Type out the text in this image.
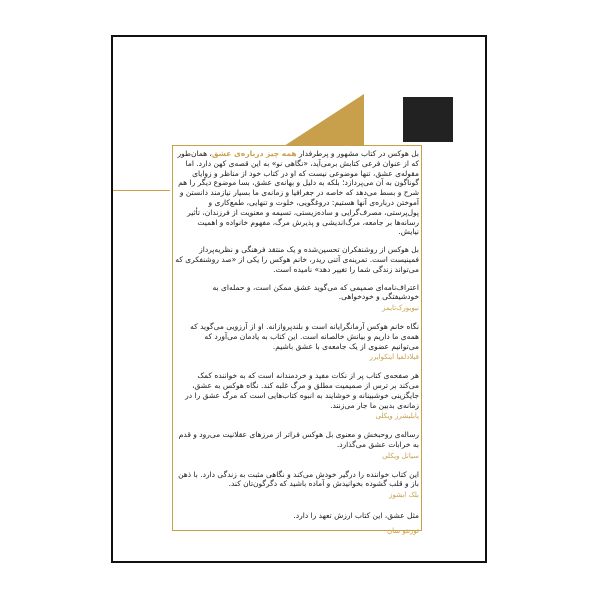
بل هوکس در کتاب مشهور و پرطرفدار همه چیز درباره‌ی عشق، همان‌طور که از عنوان فرعی کتابش برمی‌آید، «نگاهی نو» به این قصه‌ی کهن دارد. اما مقوله‌ی عشق، تنها موضوعی نیست که او در کتاب خود از مناظر و زوایای گوناگون به آن می‌پردازد؛ بلکه به دلیل و بهانه‌ی عشق، بسا موضوع دیگر را هم شرح و بسط می‌دهد که خاصه در جغرافیا و زمانه‌ی ما بسیار نیازمند دانستن و آموختن درباره‌ی آنها هستیم: دروغگویی، خلوت و تنهایی، طمع‌کاری و پول‌پرستی، مصرف‌گرایی و ساده‌زیستی، تسیمه و معنویت از فرزندان، تأثیر رسانه‌ها بر جامعه، مرگ‌اندیشی و پذیرش مرگ، مفهوم خانواده و اهمیت نیایش.

بل هوکس از روشنفکران تحسین‌شده و یک منتقد فرهنگی و نظریه‌پرداز فمینیست است. تمرینه‌ی آتنی ریدر، خانم هوکس را یکی از «صد روشنفکری که می‌تواند زندگی شما را تغییر دهد» نامیده است.

اعتراف‌نامه‌ای صمیمی که می‌گوید عشق ممکن است، و حمله‌ای به خودشیفتگی و خودخواهی.
نیویورک‌تایمز
نگاه خانم هوکس آرمانگرایانه است و بلندپروازانه. او از آرزویی می‌گوید که همه‌ی ما داریم و بیانش خالصانه است. این کتاب به یادمان می‌آورد که می‌توانیم عضوی از یک جامعه‌ی با عشق باشیم.
فیلادلفیا اینکوایرر
هر صفحه‌ی کتاب پر از نکات مفید و خردمندانه است که به خواننده کمک می‌کند بر ترس از صمیمیت مطلق و مرگ غلبه کند. نگاه هوکس به عشق، جایگزینی خوشبینانه و خوشایند به انبوه کتاب‌هایی است که مرگ عشق را در زمانه‌ی بدبین ما جار می‌زنند.
پابلیشرز ویکلی
رساله‌ی روحبخش و معنوی بل هوکس فراتر از مرزهای عقلانیت می‌رود و قدم به خرابات عشق می‌گذارد.
سیاتل ویکلی
این کتاب خواننده را درگیر خودش می‌کند و نگاهی مثبت به زندگی دارد. با ذهن باز و قلب گشوده بخوانیدش و آماده باشید که دگرگون‌تان کند.
بلک ایشوز
مثل عشق، این کتاب ارزش تعهد را دارد.
تورنتو سان
